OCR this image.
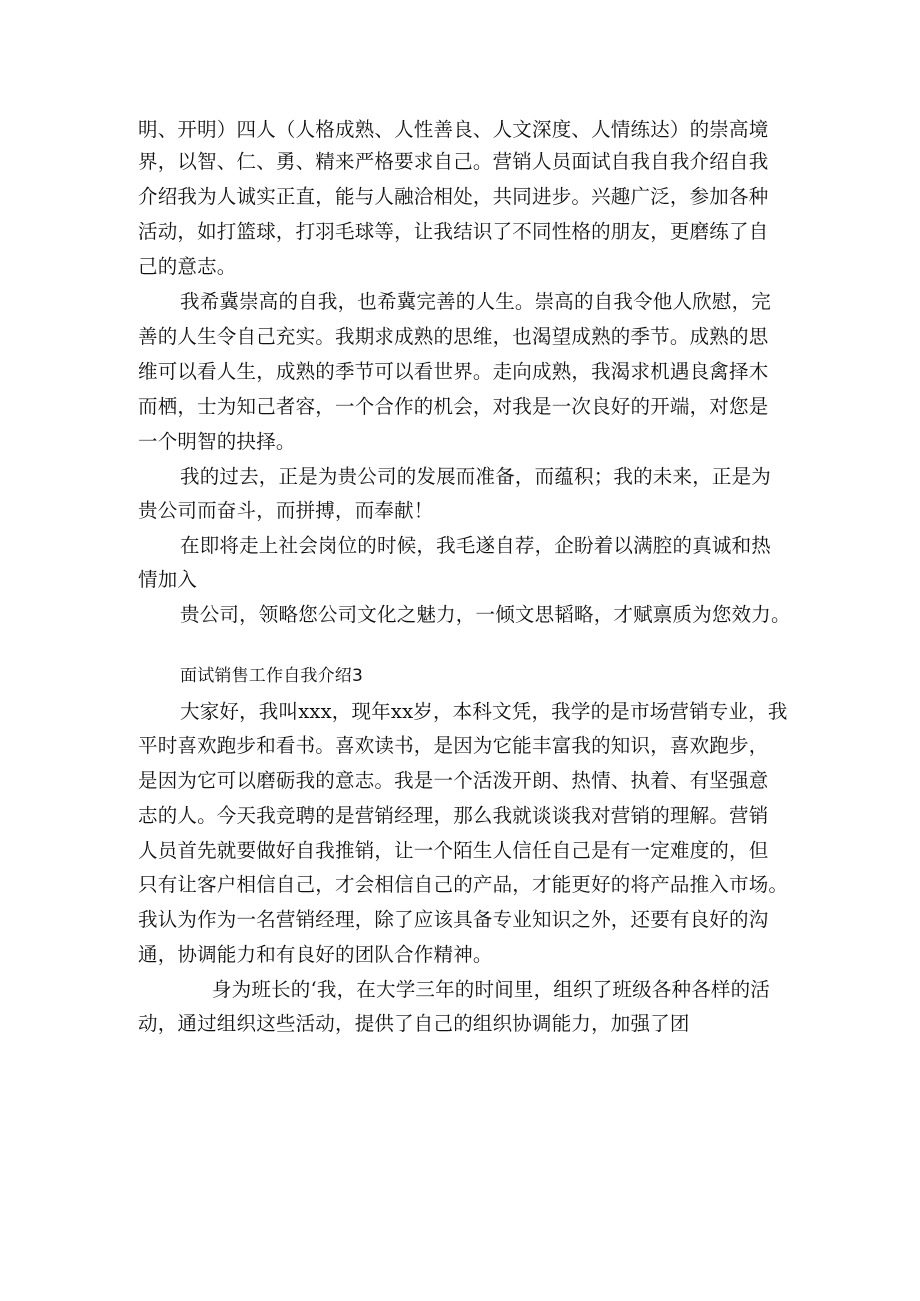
明、开明）四人（人格成熟、人性善良、人文深度、人情练达）的崇高境
界，以智、仁、勇、精来严格要求自己。营销人员面试自我自我介绍自我
介绍我为人诚实正直，能与人融洽相处，共同进步。兴趣广泛，参加各种
活动，如打篮球，打羽毛球等，让我结识了不同性格的朋友，更磨练了自
己的意志。
我希冀崇高的自我，也希冀完善的人生。崇高的自我令他人欣慰，完
善的人生令自己充实。我期求成熟的思维，也渴望成熟的季节。成熟的思
维可以看人生，成熟的季节可以看世界。走向成熟，我渴求机遇良禽择木
而栖，士为知己者容，一个合作的机会，对我是一次良好的开端，对您是
一个明智的抉择。
我的过去，正是为贵公司的发展而准备，而蕴积；我的未来，正是为
贵公司而奋斗，而拼搏，而奉献！
在即将走上社会岗位的时候，我毛遂自荐，企盼着以满腔的真诚和热
情加入
贵公司，领略您公司文化之魅力，一倾文思韬略，才赋禀质为您效力。
面试销售工作自我介绍3
大家好，我叫xxx，现年xx岁，本科文凭，我学的是市场营销专业，我
平时喜欢跑步和看书。喜欢读书，是因为它能丰富我的知识，喜欢跑步，
是因为它可以磨砺我的意志。我是一个活泼开朗、热情、执着、有坚强意
志的人。今天我竞聘的是营销经理，那么我就谈谈我对营销的理解。营销
人员首先就要做好自我推销，让一个陌生人信任自己是有一定难度的，但
只有让客户相信自己，才会相信自己的产品，才能更好的将产品推入市场。
我认为作为一名营销经理，除了应该具备专业知识之外，还要有良好的沟
通，协调能力和有良好的团队合作精神。
身为班长的‘我，在大学三年的时间里，组织了班级各种各样的活
动，通过组织这些活动，提供了自己的组织协调能力，加强了团
